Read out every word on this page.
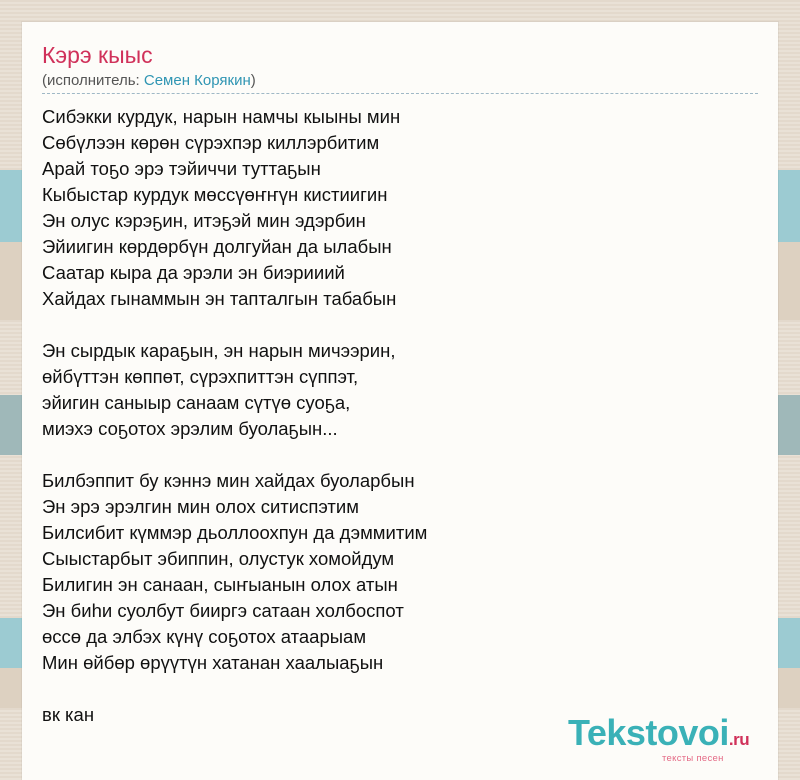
Кэрэ кыыс
(исполнитель: Семен Корякин)
Сибэкки курдук, нарын намчы кыыны мин
Сөбүлээн көрөн сүрэхпэр киллэрбитим
Арай тоҕо эрэ тэйиччи туттаҕын
Кыбыстар курдук мөссүөҥҥүн кистиигин
Эн олус кэрэҕин, итэҕэй мин эдэрбин
Эйиигин көрдөрбүн долгуйан да ылабын
Саатар кыра да эрэли эн биэрииий
Хайдах гынаммын эн тапталгын табабын
Эн сырдык караҕын, эн нарын мичээрин,
өйбүттэн көппөт, сүрэхпиттэн сүппэт,
эйигин саныыр санаам сүтүө суоҕа,
миэхэ соҕотох эрэлим буолаҕын...
Билбэппит бу кэннэ мин хайдах буоларбын
Эн эрэ эрэлгин мин олох ситиспэтим
Билсибит күммэр дьоллоохпун да дэммитим
Сыыстарбыт эбиппин, олустук хомойдум
Билигин эн санаан, сыҥыанын олох атын
Эн биһи суолбут бииргэ сатаан холбоспот
өссө да элбэх күнү соҕотох атаарыам
Мин өйбөр өрүүтүн хатанан хаалыаҕын
вк кан	Tekstovoi.ru
тексты песен
